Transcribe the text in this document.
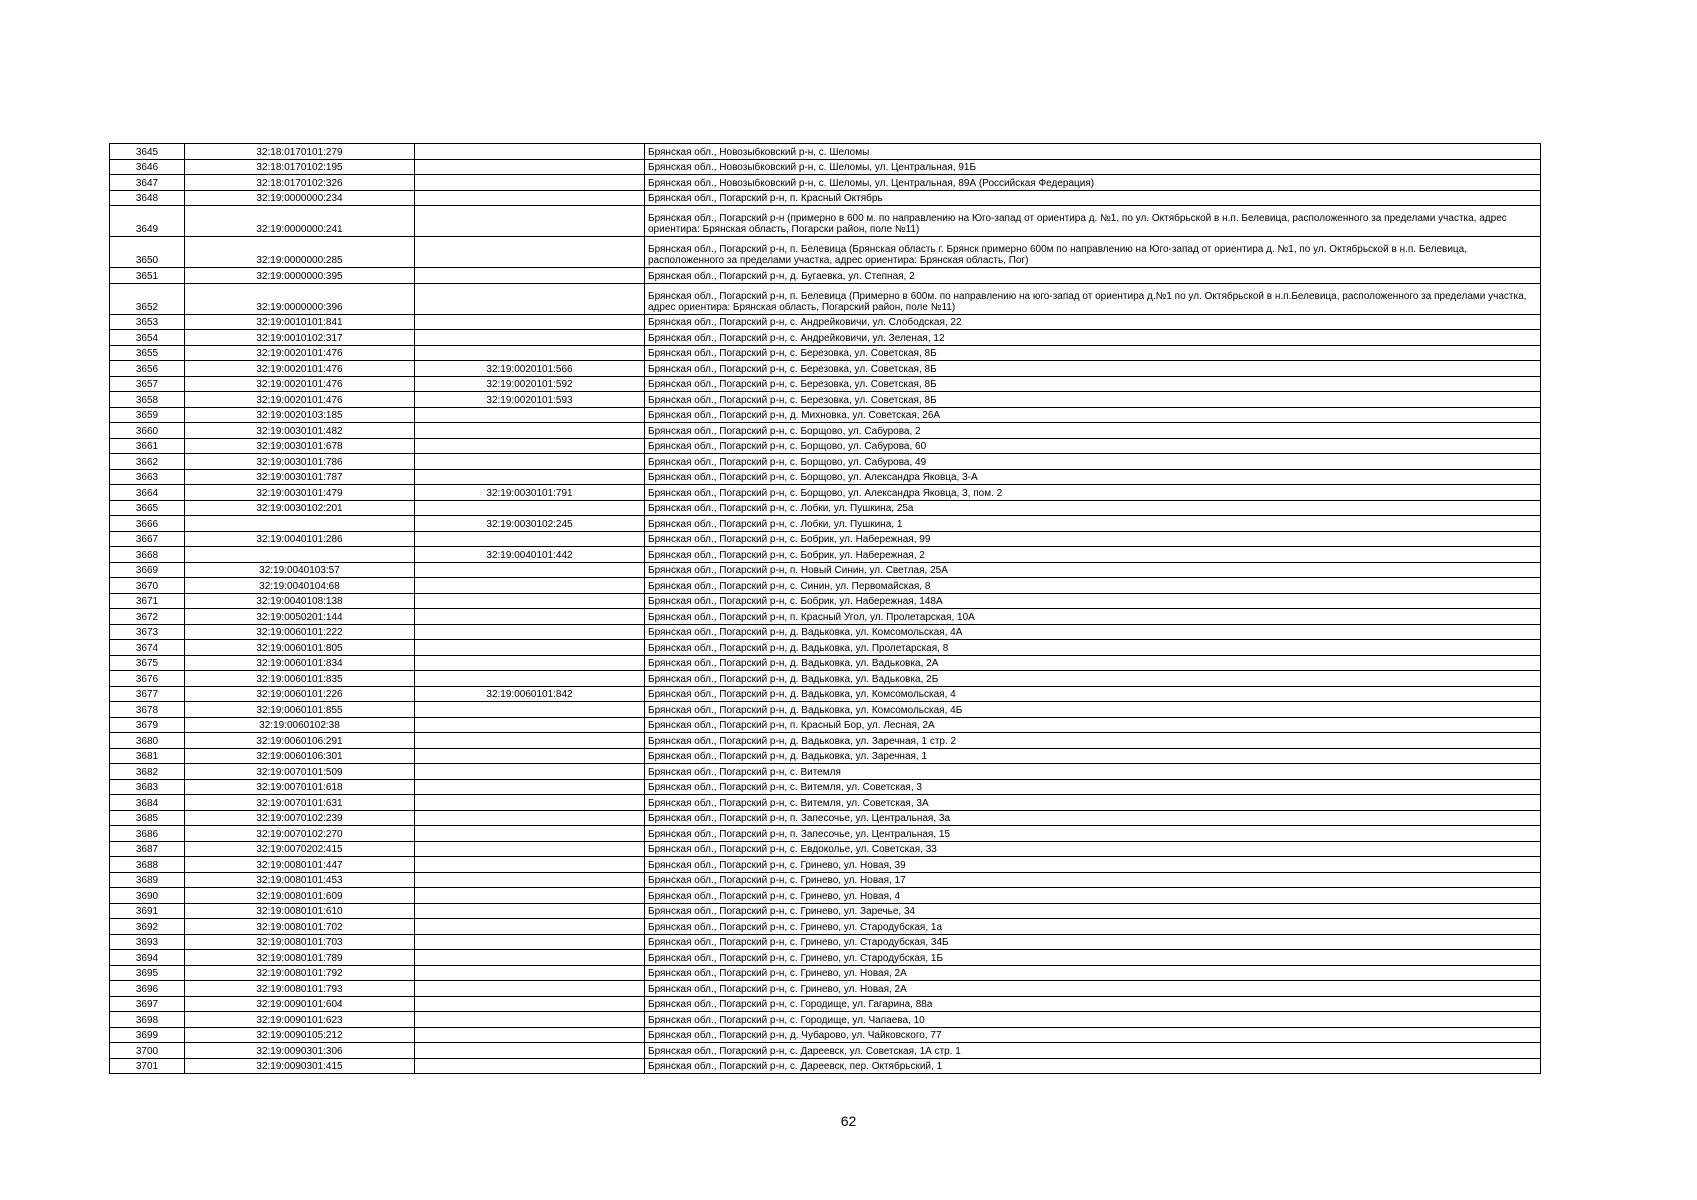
3645	32:18:0170101:279		Брянская обл., Новозыбковский р-н, с. Шеломы
3646	32:18:0170102:195		Брянская обл., Новозыбковский р-н, с. Шеломы, ул. Центральная, 91Б
3647	32:18:0170102:326		Брянская обл., Новозыбковский р-н, с. Шеломы, ул. Центральная, 89А (Российская Федерация)
3648	32:19:0000000:234		Брянская обл., Погарский р-н, п. Красный Октябрь
3649	32:19:0000000:241		Брянская обл., Погарский р-н (примерно в 600 м. по направлению на Юго-запад от ориентира д. №1, по ул. Октябрьской в н.п. Белевица, расположенного за пределами участка, адрес ориентира: Брянская область, Погарски район, поле №11)
3650	32:19:0000000:285		Брянская обл., Погарский р-н, п. Белевица (Брянская область г. Брянск примерно 600м по направлению на Юго-запад от ориентира д. №1, по ул. Октябрьской в н.п. Белевица, расположенного за пределами участка, адрес ориентира: Брянская область, Пог)
3651	32:19:0000000:395		Брянская обл., Погарский р-н, д. Бугаевка, ул. Степная, 2
3652	32:19:0000000:396		Брянская обл., Погарский р-н, п. Белевица (Примерно в 600м. по направлению на юго-запад от ориентира д.№1 по ул. Октябрьской в н.п.Белевица, расположенного за пределами участка, адрес ориентира: Брянская область, Погарский район, поле №11)
3653	32:19:0010101:841		Брянская обл., Погарский р-н, с. Андрейковичи, ул. Слободская, 22
3654	32:19:0010102:317		Брянская обл., Погарский р-н, с. Андрейковичи, ул. Зеленая, 12
3655	32:19:0020101:476		Брянская обл., Погарский р-н, с. Березовка, ул. Советская, 8Б
3656	32:19:0020101:476	32:19:0020101:566	Брянская обл., Погарский р-н, с. Березовка, ул. Советская, 8Б
3657	32:19:0020101:476	32:19:0020101:592	Брянская обл., Погарский р-н, с. Березовка, ул. Советская, 8Б
3658	32:19:0020101:476	32:19:0020101:593	Брянская обл., Погарский р-н, с. Березовка, ул. Советская, 8Б
3659	32:19:0020103:185		Брянская обл., Погарский р-н, д. Михновка, ул. Советская, 26А
3660	32:19:0030101:482		Брянская обл., Погарский р-н, с. Борщово, ул. Сабурова, 2
3661	32:19:0030101:678		Брянская обл., Погарский р-н, с. Борщово, ул. Сабурова, 60
3662	32:19:0030101:786		Брянская обл., Погарский р-н, с. Борщово, ул. Сабурова, 49
3663	32:19:0030101:787		Брянская обл., Погарский р-н, с. Борщово, ул. Александра Яковца, 3-А
3664	32:19:0030101:479	32:19:0030101:791	Брянская обл., Погарский р-н, с. Борщово, ул. Александра Яковца, 3, пом. 2
3665	32:19:0030102:201		Брянская обл., Погарский р-н, с. Лобки, ул. Пушкина, 25а
3666		32:19:0030102:245	Брянская обл., Погарский р-н, с. Лобки, ул. Пушкина, 1
3667	32:19:0040101:286		Брянская обл., Погарский р-н, с. Бобрик, ул. Набережная, 99
3668		32:19:0040101:442	Брянская обл., Погарский р-н, с. Бобрик, ул. Набережная, 2
3669	32:19:0040103:57		Брянская обл., Погарский р-н, п. Новый Синин, ул. Светлая, 25А
3670	32:19:0040104:68		Брянская обл., Погарский р-н, с. Синин, ул. Первомайская, 8
3671	32:19:0040108:138		Брянская обл., Погарский р-н, с. Бобрик, ул. Набережная, 148А
3672	32:19:0050201:144		Брянская обл., Погарский р-н, п. Красный Угол, ул. Пролетарская, 10А
3673	32:19:0060101:222		Брянская обл., Погарский р-н, д. Вадьковка, ул. Комсомольская, 4А
3674	32:19:0060101:805		Брянская обл., Погарский р-н, д. Вадьковка, ул. Пролетарская, 8
3675	32:19:0060101:834		Брянская обл., Погарский р-н, д. Вадьковка, ул. Вадьковка, 2А
3676	32:19:0060101:835		Брянская обл., Погарский р-н, д. Вадьковка, ул. Вадьковка, 2Б
3677	32:19:0060101:226	32:19:0060101:842	Брянская обл., Погарский р-н, д. Вадьковка, ул. Комсомольская, 4
3678	32:19:0060101:855		Брянская обл., Погарский р-н, д. Вадьковка, ул. Комсомольская, 4Б
3679	32:19:0060102:38		Брянская обл., Погарский р-н, п. Красный Бор, ул. Лесная, 2А
3680	32:19:0060106:291		Брянская обл., Погарский р-н, д. Вадьковка, ул. Заречная, 1 стр. 2
3681	32:19:0060106:301		Брянская обл., Погарский р-н, д. Вадьковка, ул. Заречная, 1
3682	32:19:0070101:509		Брянская обл., Погарский р-н, с. Витемля
3683	32:19:0070101:618		Брянская обл., Погарский р-н, с. Витемля, ул. Советская, 3
3684	32:19:0070101:631		Брянская обл., Погарский р-н, с. Витемля, ул. Советская, 3А
3685	32:19:0070102:239		Брянская обл., Погарский р-н, п. Запесочье, ул. Центральная, 3а
3686	32:19:0070102:270		Брянская обл., Погарский р-н, п. Запесочье, ул. Центральная, 15
3687	32:19:0070202:415		Брянская обл., Погарский р-н, с. Евдоколье, ул. Советская, 33
3688	32:19:0080101:447		Брянская обл., Погарский р-н, с. Гринево, ул. Новая, 39
3689	32:19:0080101:453		Брянская обл., Погарский р-н, с. Гринево, ул. Новая, 17
3690	32:19:0080101:609		Брянская обл., Погарский р-н, с. Гринево, ул. Новая, 4
3691	32:19:0080101:610		Брянская обл., Погарский р-н, с. Гринево, ул. Заречье, 34
3692	32:19:0080101:702		Брянская обл., Погарский р-н, с. Гринево, ул. Стародубская, 1а
3693	32:19:0080101:703		Брянская обл., Погарский р-н, с. Гринево, ул. Стародубская, 34Б
3694	32:19:0080101:789		Брянская обл., Погарский р-н, с. Гринево, ул. Стародубская, 1Б
3695	32:19:0080101:792		Брянская обл., Погарский р-н, с. Гринево, ул. Новая, 2А
3696	32:19:0080101:793		Брянская обл., Погарский р-н, с. Гринево, ул. Новая, 2А
3697	32:19:0090101:604		Брянская обл., Погарский р-н, с. Городище, ул. Гагарина, 88а
3698	32:19:0090101:623		Брянская обл., Погарский р-н, с. Городище, ул. Чапаева, 10
3699	32:19:0090105:212		Брянская обл., Погарский р-н, д. Чубарово, ул. Чайковского, 77
3700	32:19:0090301:306		Брянская обл., Погарский р-н, с. Дареевск, ул. Советская, 1А стр. 1
3701	32:19:0090301:415		Брянская обл., Погарский р-н, с. Дареевск, пер. Октябрьский, 1
62
